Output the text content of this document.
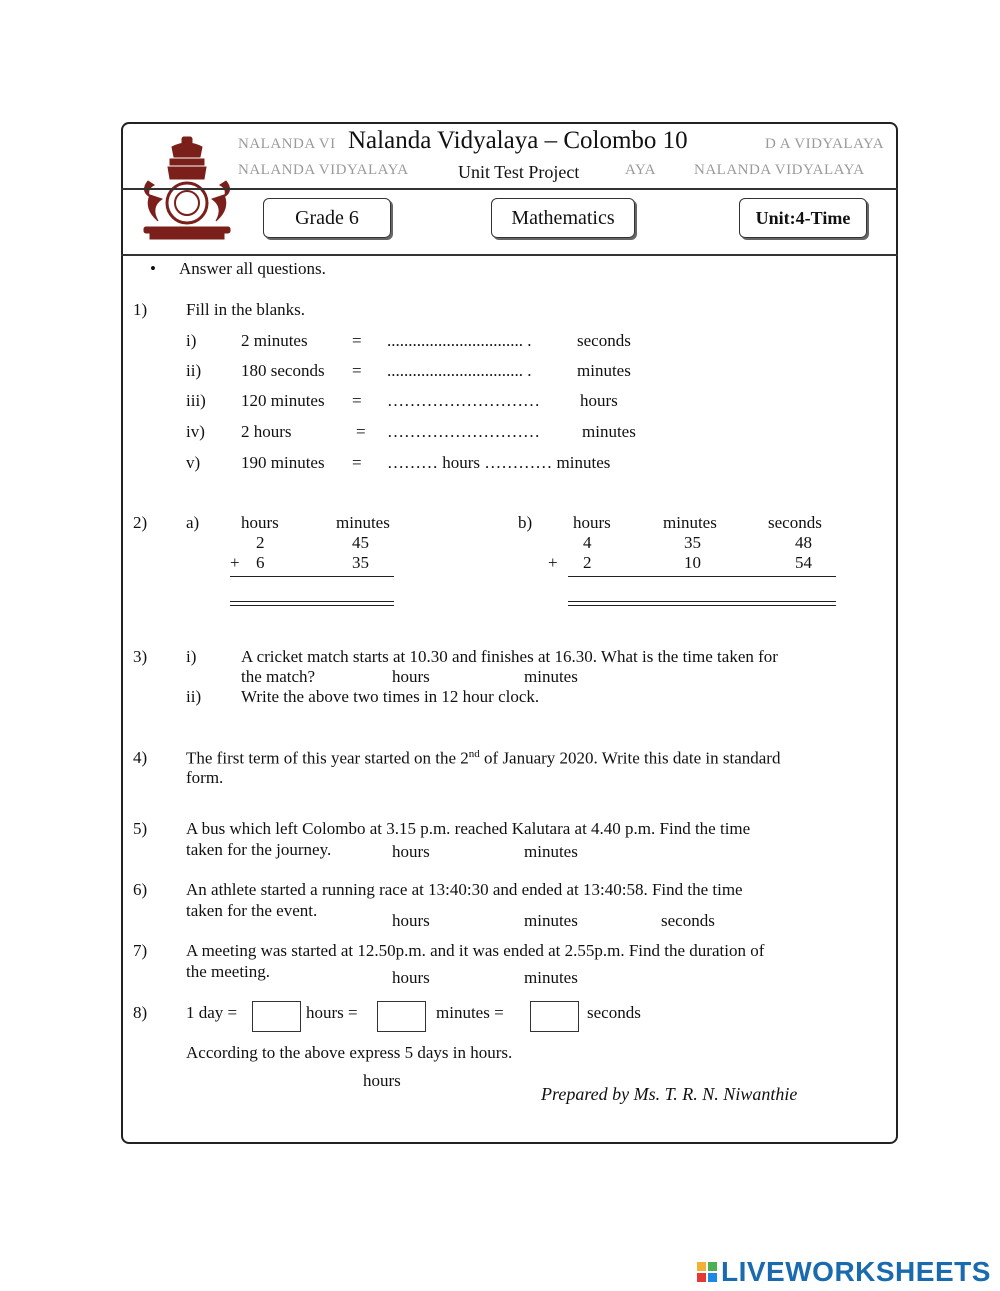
NALANDA VI	D A VIDYALAYA
NALANDA VIDYALAYA	AYA	NALANDA VIDYALAYA
Nalanda Vidyalaya – Colombo 10
Unit Test Project
Grade 6	Mathematics	Unit:4-Time
• Answer all questions.
1) Fill in the blanks.
i)	2 minutes	= ................................ .	seconds
ii) 180 seconds = ................................ .	minutes
iii) 120 minutes = ……………………… hours
iv) 2 hours	= ……………………… minutes
v) 190 minutes = ……… hours ………… minutes
2) a) hours	minutes
2	45
+ 6	35
b) hours	minutes	seconds
4	35	48
+ 2	10	54
3) i)	A cricket match starts at 10.30 and finishes at 16.30. What is the time taken for
the match?	hours	minutes
ii) Write the above two times in 12 hour clock.
4) The first term of this year started on the 2nd of January 2020. Write this date in standard
form.
5) A bus which left Colombo at 3.15 p.m. reached Kalutara at 4.40 p.m. Find the time
taken for the journey.	hours	minutes
6) An athlete started a running race at 13:40:30 and ended at 13:40:58. Find the time
taken for the event.
hours	minutes	seconds
7) A meeting was started at 12.50p.m. and it was ended at 2.55p.m. Find the duration of
the meeting.	hours	minutes
8) 1 day =	hours =	minutes =	seconds
According to the above express 5 days in hours.
hours
Prepared by Ms. T. R. N. Niwanthie
LIVEWORKSHEETS
